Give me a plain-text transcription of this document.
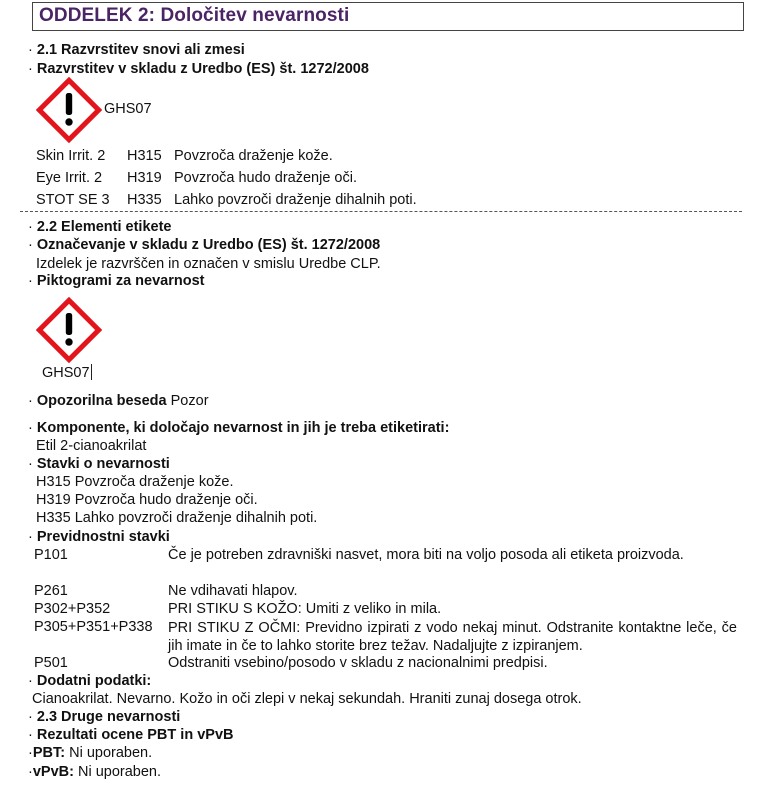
ODDELEK 2: Določitev nevarnosti
· 2.1 Razvrstitev snovi ali zmesi
· Razvrstitev v skladu z Uredbo (ES) št. 1272/2008
GHS07
Skin Irrit. 2 H315 Povzroča draženje kože.
Eye Irrit. 2 H319 Povzroča hudo draženje oči.
STOT SE 3 H335 Lahko povzroči draženje dihalnih poti.
· 2.2 Elementi etikete
· Označevanje v skladu z Uredbo (ES) št. 1272/2008
Izdelek je razvrščen in označen v smislu Uredbe CLP.
· Piktogrami za nevarnost
GHS07
· Opozorilna beseda Pozor
· Komponente, ki določajo nevarnost in jih je treba etiketirati:
Etil 2-cianoakrilat
· Stavki o nevarnosti
H315 Povzroča draženje kože.
H319 Povzroča hudo draženje oči.
H335 Lahko povzroči draženje dihalnih poti.
· Previdnostni stavki
P101	Če je potreben zdravniški nasvet, mora biti na voljo posoda ali etiketa proizvoda.
P261	Ne vdihavati hlapov.
P302+P352	PRI STIKU S KOŽO: Umiti z veliko in mila.
P305+P351+P338 PRI STIKU Z OČMI: Previdno izpirati z vodo nekaj minut. Odstranite kontaktne leče, če jih imate in če to lahko storite brez težav. Nadaljujte z izpiranjem.
P501	Odstraniti vsebino/posodo v skladu z nacionalnimi predpisi.
· Dodatni podatki:
Cianoakrilat. Nevarno. Kožo in oči zlepi v nekaj sekundah. Hraniti zunaj dosega otrok.
· 2.3 Druge nevarnosti
· Rezultati ocene PBT in vPvB
·PBT: Ni uporaben.
·vPvB: Ni uporaben.
